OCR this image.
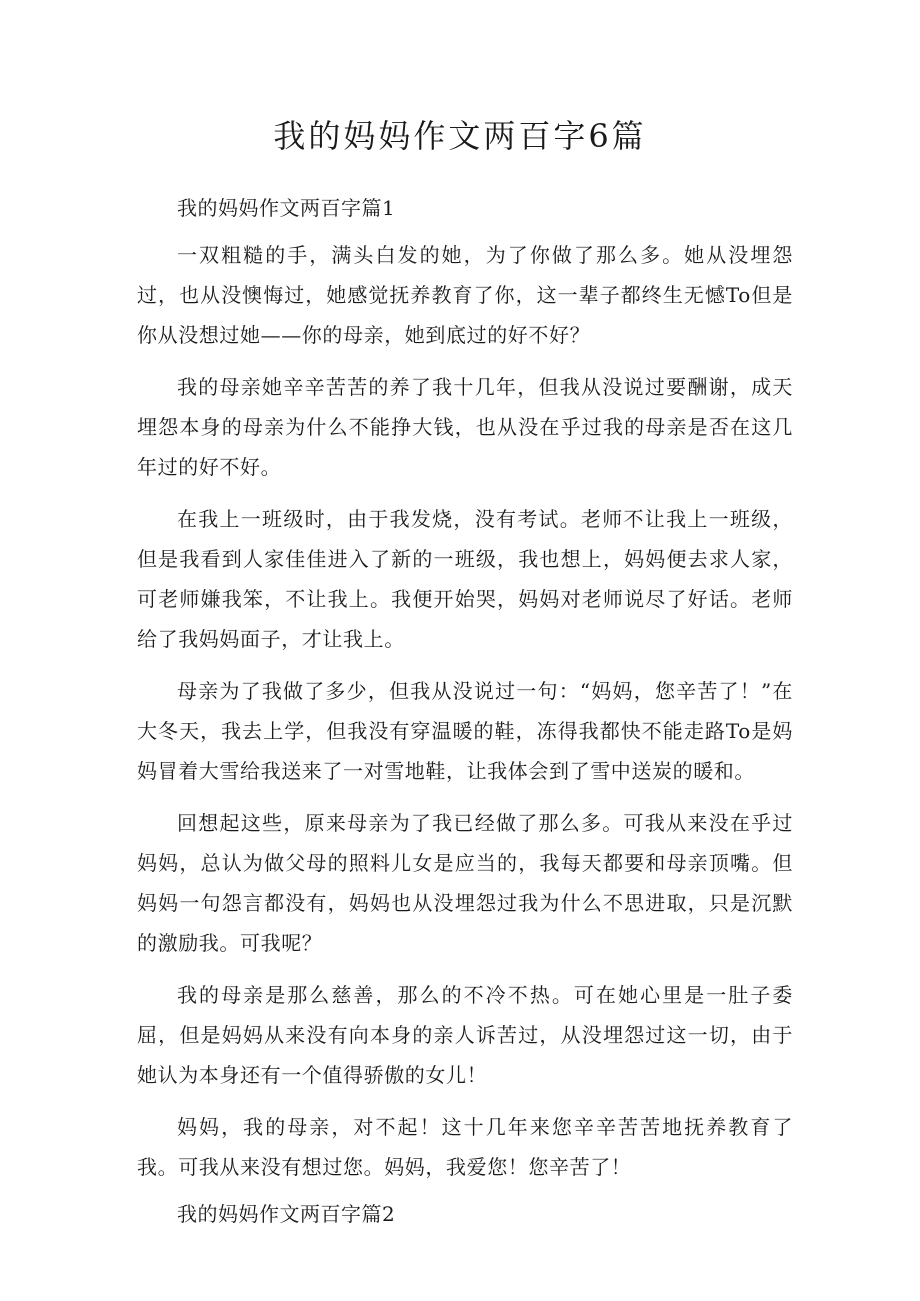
我的妈妈作文两百字6篇

我的妈妈作文两百字篇1

一双粗糙的手，满头白发的她，为了你做了那么多。她从没埋怨过，也从没懊悔过，她感觉抚养教育了你，这一辈子都终生无憾To但是你从没想过她——你的母亲，她到底过的好不好？

我的母亲她辛辛苦苦的养了我十几年，但我从没说过要酬谢，成天埋怨本身的母亲为什么不能挣大钱，也从没在乎过我的母亲是否在这几年过的好不好。

在我上一班级时，由于我发烧，没有考试。老师不让我上一班级，但是我看到人家佳佳进入了新的一班级，我也想上，妈妈便去求人家，可老师嫌我笨，不让我上。我便开始哭，妈妈对老师说尽了好话。老师给了我妈妈面子，才让我上。

母亲为了我做了多少，但我从没说过一句：“妈妈，您辛苦了！”在大冬天，我去上学，但我没有穿温暖的鞋，冻得我都快不能走路To是妈妈冒着大雪给我送来了一对雪地鞋，让我体会到了雪中送炭的暖和。

回想起这些，原来母亲为了我已经做了那么多。可我从来没在乎过妈妈，总认为做父母的照料儿女是应当的，我每天都要和母亲顶嘴。但妈妈一句怨言都没有，妈妈也从没埋怨过我为什么不思进取，只是沉默的激励我。可我呢？

我的母亲是那么慈善，那么的不冷不热。可在她心里是一肚子委屈，但是妈妈从来没有向本身的亲人诉苦过，从没埋怨过这一切，由于她认为本身还有一个值得骄傲的女儿！

妈妈，我的母亲，对不起！这十几年来您辛辛苦苦地抚养教育了我。可我从来没有想过您。妈妈，我爱您！您辛苦了！

我的妈妈作文两百字篇2
